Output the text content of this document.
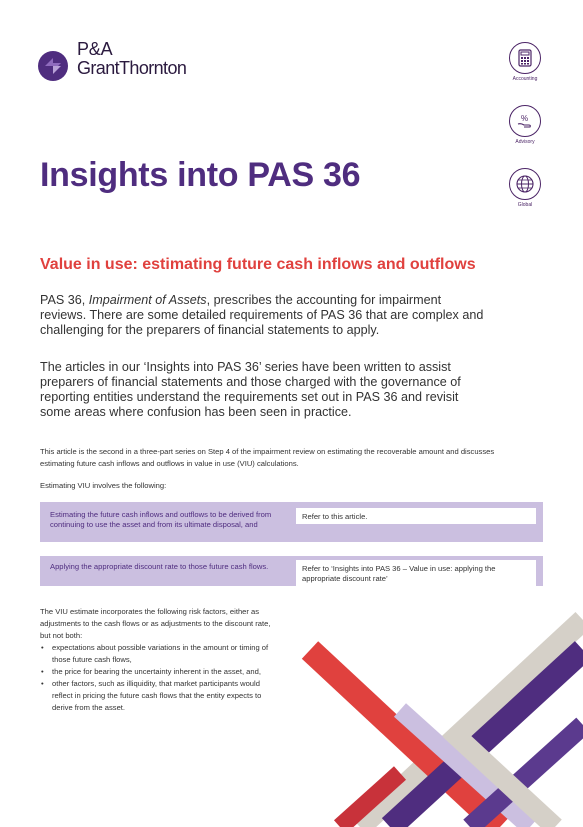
P&A
GrantThornton
Accounting
%
Advisory
Global
Insights into PAS 36
Value in use: estimating future cash inflows and outflows

PAS 36, Impairment of Assets, prescribes the accounting for impairment reviews. There are some detailed requirements of PAS 36 that are complex and challenging for the preparers of financial statements to apply.

The articles in our ‘Insights into PAS 36’ series have been written to assist preparers of financial statements and those charged with the governance of reporting entities understand the requirements set out in PAS 36 and revisit some areas where confusion has been seen in practice.

This article is the second in a three-part series on Step 4 of the impairment review on estimating the recoverable amount and discusses estimating future cash inflows and outflows in value in use (VIU) calculations.

Estimating VIU involves the following:

Estimating the future cash inflows and outflows to be derived from continuing to use the asset and from its ultimate disposal, and
Refer to this article.
Applying the appropriate discount rate to those future cash flows.	Refer to ‘Insights into PAS 36 – Value in use: applying the appropriate discount rate’

The VIU estimate incorporates the following risk factors, either as adjustments to the cash flows or as adjustments to the discount rate, but not both:

• expectations about possible variations in the amount or timing of those future cash flows,
• the price for bearing the uncertainty inherent in the asset, and,
• other factors, such as illiquidity, that market participants would reflect in pricing the future cash flows that the entity expects to derive from the asset.
